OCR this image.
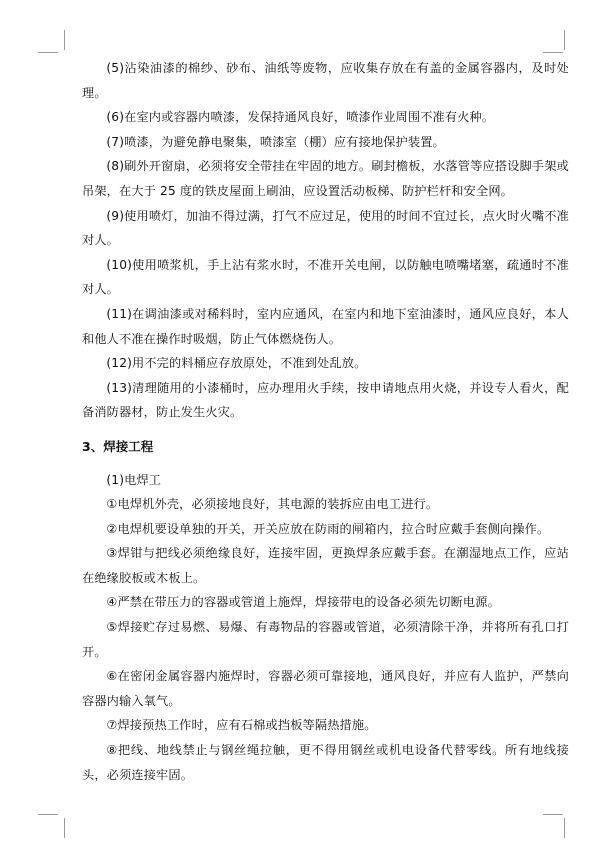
(5)沾染油漆的棉纱、砂布、油纸等废物，应收集存放在有盖的金属容器内，及时处理。

(6)在室内或容器内喷漆，发保持通风良好，喷漆作业周围不准有火种。

(7)喷漆，为避免静电聚集，喷漆室（棚）应有接地保护装置。

(8)刷外开窗扇，必须将安全带挂在牢固的地方。刷封檐板，水落管等应搭设脚手架或吊架，在大于 25 度的铁皮屋面上刷油，应设置活动板梯、防护栏杆和安全网。

(9)使用喷灯，加油不得过满，打气不应过足，使用的时间不宜过长，点火时火嘴不准对人。

(10)使用喷浆机，手上沾有浆水时，不准开关电闸，以防触电喷嘴堵塞，疏通时不准对人。

(11)在调油漆或对稀料时，室内应通风，在室内和地下室油漆时，通风应良好，本人和他人不准在操作时吸烟，防止气体燃烧伤人。

(12)用不完的料桶应存放原处，不准到处乱放。

(13)清理随用的小漆桶时，应办理用火手续，按申请地点用火烧，并设专人看火，配备消防器材，防止发生火灾。

3、焊接工程

(1)电焊工

①电焊机外壳，必须接地良好，其电源的装拆应由电工进行。

②电焊机要设单独的开关，开关应放在防雨的闸箱内，拉合时应戴手套侧向操作。

③焊钳与把线必须绝缘良好，连接牢固，更换焊条应戴手套。在潮湿地点工作，应站在绝缘胶板或木板上。

④严禁在带压力的容器或管道上施焊，焊接带电的设备必须先切断电源。

⑤焊接贮存过易燃、易爆、有毒物品的容器或管道，必须清除干净，并将所有孔口打开。

⑥在密闭金属容器内施焊时，容器必须可靠接地，通风良好，并应有人监护，严禁向容器内输入氧气。

⑦焊接预热工作时，应有石棉或挡板等隔热措施。

⑧把线、地线禁止与钢丝绳拉触，更不得用钢丝或机电设备代替零线。所有地线接头，必须连接牢固。
